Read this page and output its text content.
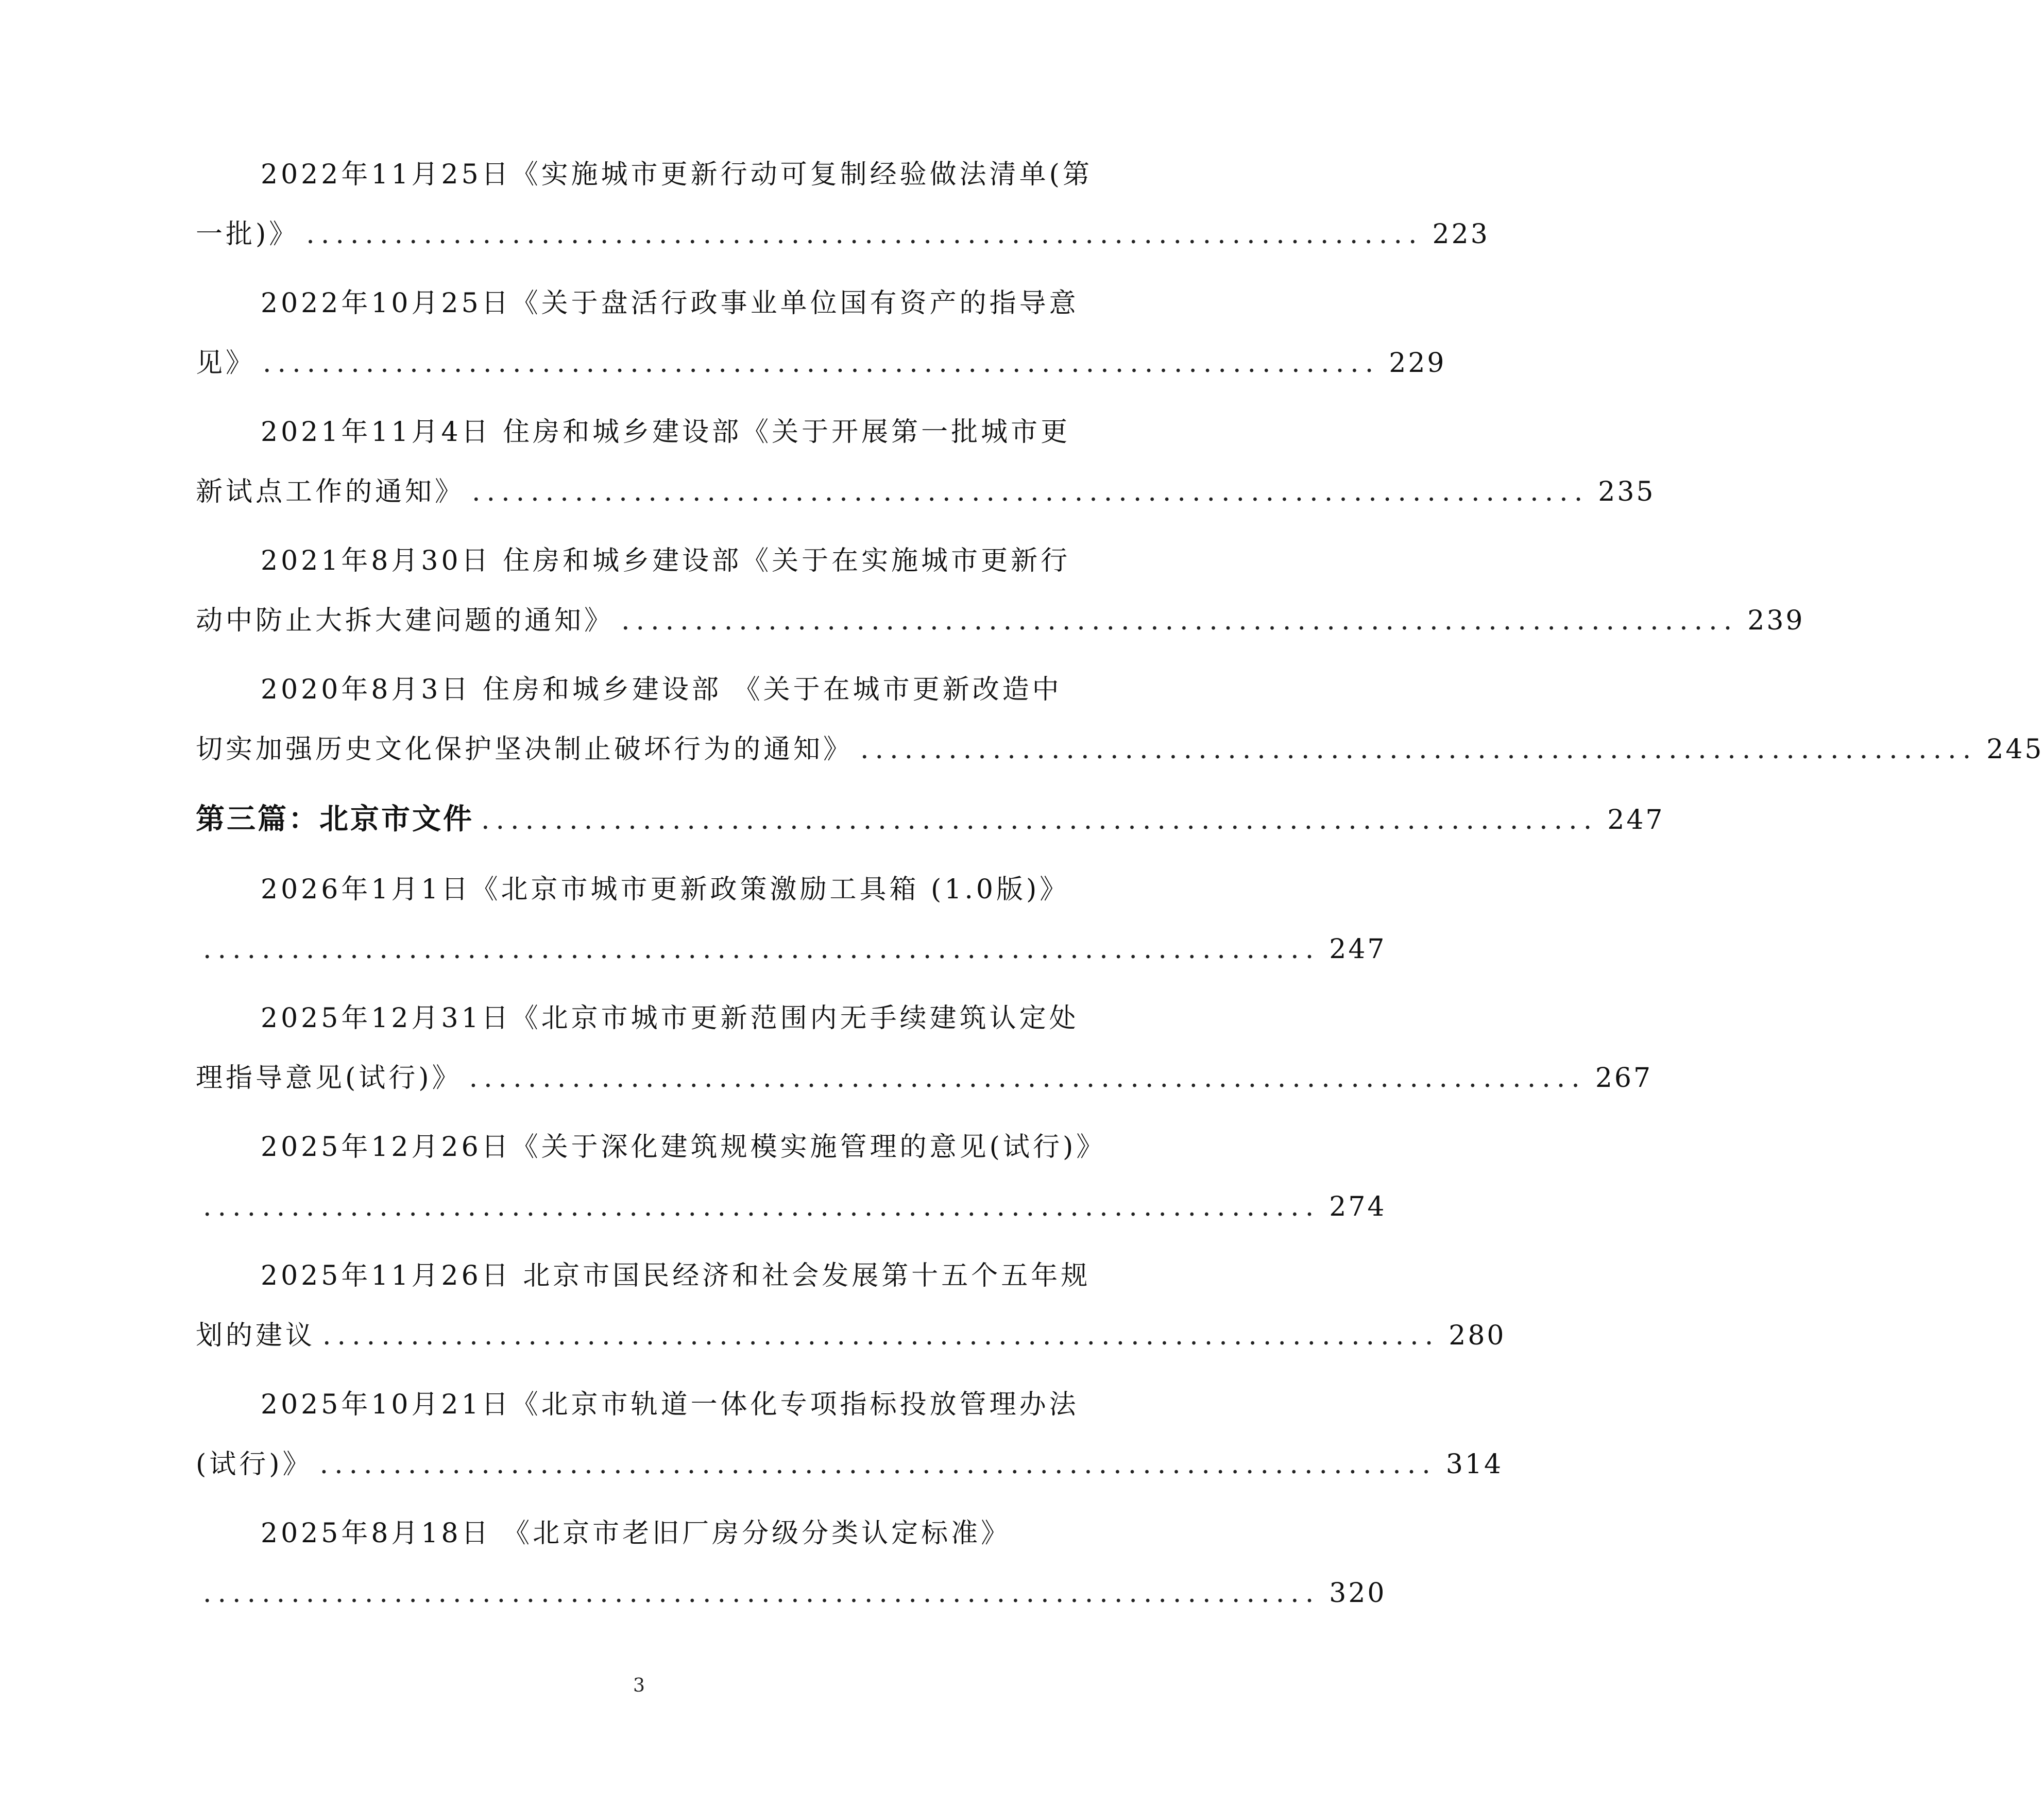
2022年11月25日《实施城市更新行动可复制经验做法清单(第
一批)》 ............................................................................ 223
2022年10月25日《关于盘活行政事业单位国有资产的指导意
见》 ............................................................................ 229
2021年11月4日 住房和城乡建设部《关于开展第一批城市更
新试点工作的通知》 ............................................................................ 235
2021年8月30日 住房和城乡建设部《关于在实施城市更新行
动中防止大拆大建问题的通知》 ............................................................................ 239
2020年8月3日 住房和城乡建设部 《关于在城市更新改造中
切实加强历史文化保护坚决制止破坏行为的通知》 ............................................................................ 245
第三篇：北京市文件 ............................................................................ 247
2026年1月1日《北京市城市更新政策激励工具箱 (1.0版)》
............................................................................ 247
2025年12月31日《北京市城市更新范围内无手续建筑认定处
理指导意见(试行)》 ............................................................................ 267
2025年12月26日《关于深化建筑规模实施管理的意见(试行)》
............................................................................ 274
2025年11月26日 北京市国民经济和社会发展第十五个五年规
划的建议 ............................................................................ 280
2025年10月21日《北京市轨道一体化专项指标投放管理办法
(试行)》 ............................................................................ 314
2025年8月18日 《北京市老旧厂房分级分类认定标准》
............................................................................ 320
3
